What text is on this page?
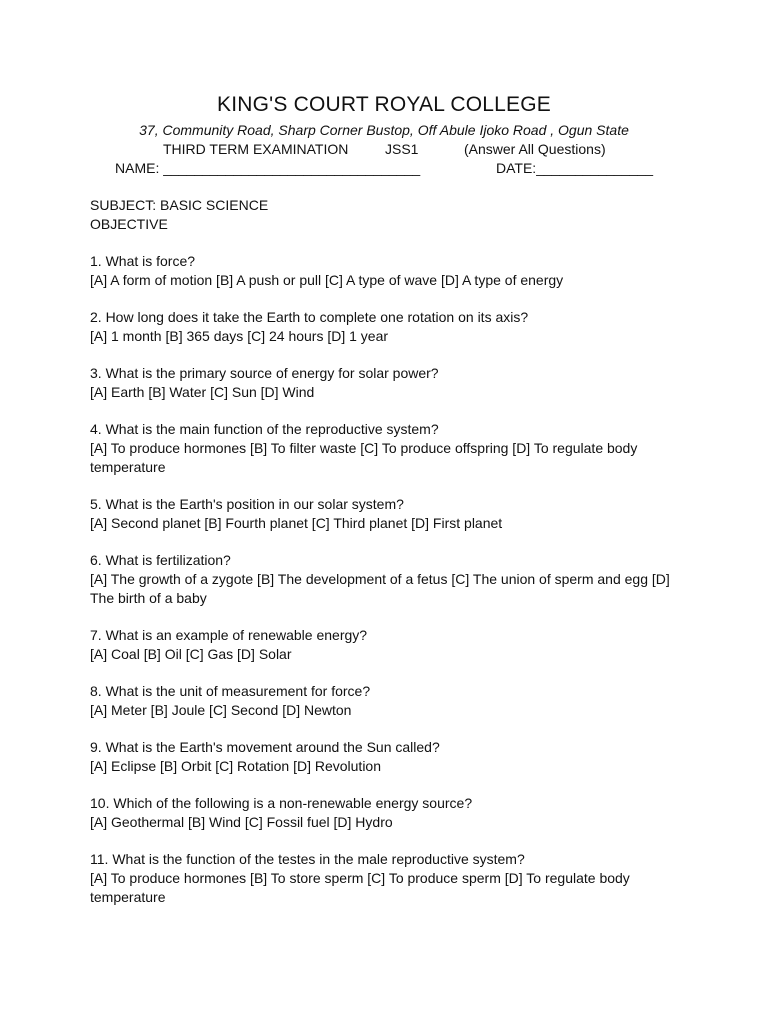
KING'S COURT ROYAL COLLEGE
37, Community Road, Sharp Corner Bustop, Off Abule Ijoko Road , Ogun State
THIRD TERM EXAMINATION	JSS1	(Answer All Questions)
NAME: _________________________________	DATE:_______________

SUBJECT: BASIC SCIENCE

OBJECTIVE

1. What is force?

[A] A form of motion [B] A push or pull [C] A type of wave [D] A type of energy

2. How long does it take the Earth to complete one rotation on its axis?

[A] 1 month [B] 365 days [C] 24 hours [D] 1 year

3. What is the primary source of energy for solar power?

[A] Earth [B] Water [C] Sun [D] Wind

4. What is the main function of the reproductive system?

[A] To produce hormones [B] To filter waste [C] To produce offspring [D] To regulate body temperature

5. What is the Earth's position in our solar system?

[A] Second planet [B] Fourth planet [C] Third planet [D] First planet

6. What is fertilization?

[A] The growth of a zygote [B] The development of a fetus [C] The union of sperm and egg [D] The birth of a baby

7. What is an example of renewable energy?

[A] Coal [B] Oil [C] Gas [D] Solar

8. What is the unit of measurement for force?

[A] Meter [B] Joule [C] Second [D] Newton

9. What is the Earth's movement around the Sun called?

[A] Eclipse [B] Orbit [C] Rotation [D] Revolution

10. Which of the following is a non-renewable energy source?

[A] Geothermal [B] Wind [C] Fossil fuel [D] Hydro

11. What is the function of the testes in the male reproductive system?

[A] To produce hormones [B] To store sperm [C] To produce sperm [D] To regulate body temperature
